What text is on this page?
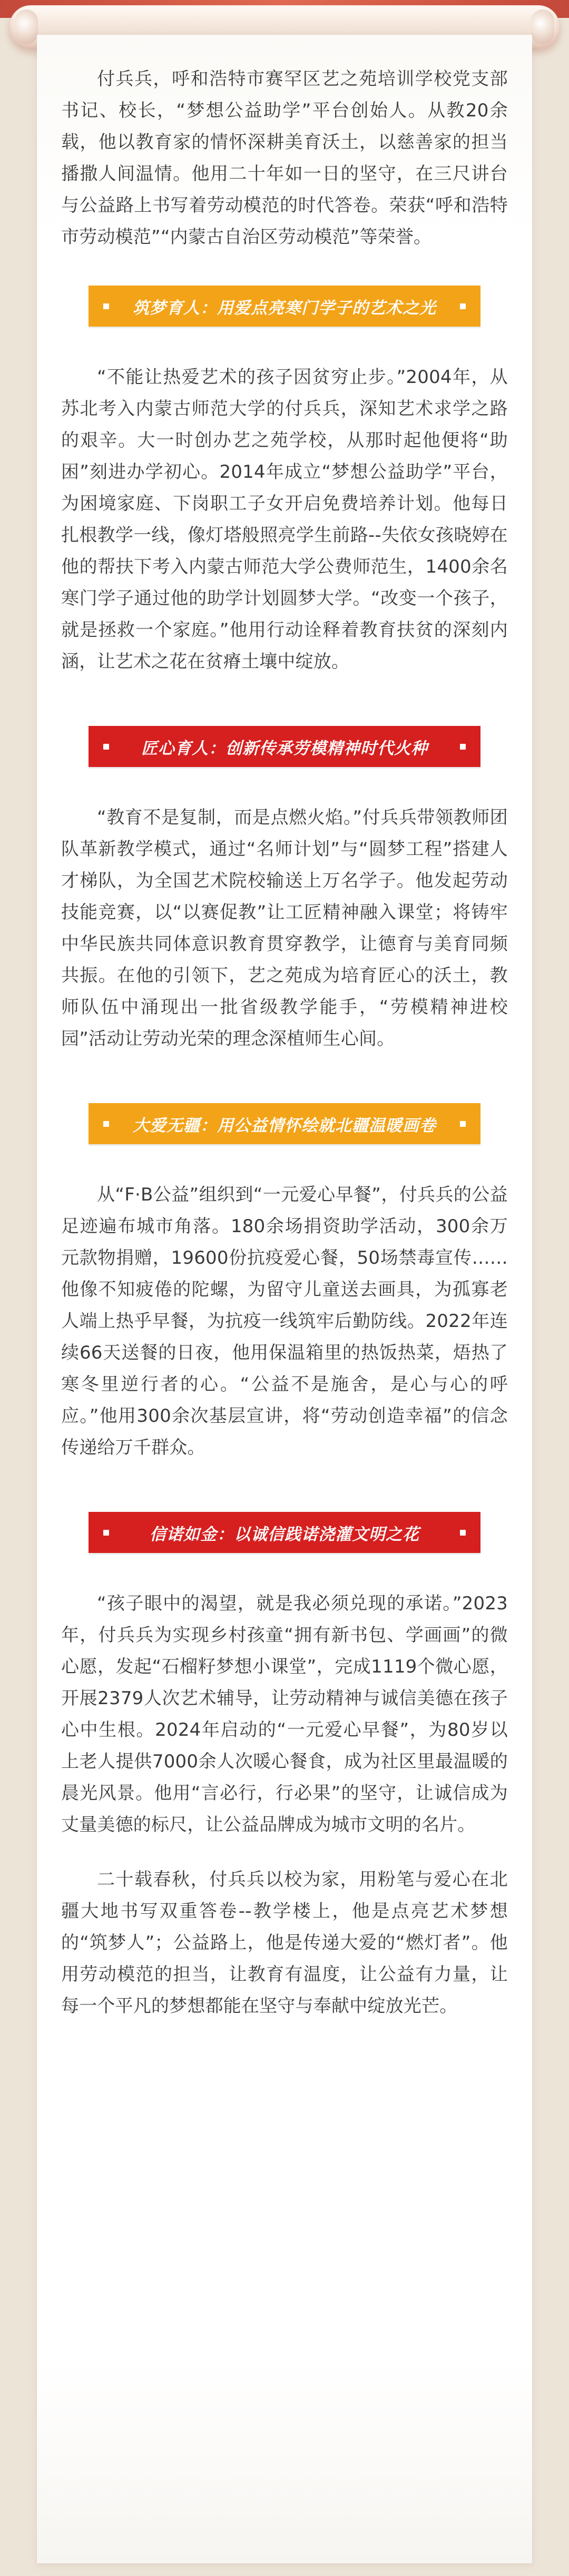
付兵兵，呼和浩特市赛罕区艺之苑培训学校党支部书记、校长，“梦想公益助学”平台创始人。从教20余载，他以教育家的情怀深耕美育沃土，以慈善家的担当播撒人间温情。他用二十年如一日的坚守，在三尺讲台与公益路上书写着劳动模范的时代答卷。荣获“呼和浩特市劳动模范”“内蒙古自治区劳动模范”等荣誉。

筑梦育人：用爱点亮寒门学子的艺术之光

“不能让热爱艺术的孩子因贫穷止步。”2004年，从苏北考入内蒙古师范大学的付兵兵，深知艺术求学之路的艰辛。大一时创办艺之苑学校，从那时起他便将“助困”刻进办学初心。2014年成立“梦想公益助学”平台，为困境家庭、下岗职工子女开启免费培养计划。他每日扎根教学一线，像灯塔般照亮学生前路--失依女孩晓婷在他的帮扶下考入内蒙古师范大学公费师范生，1400余名寒门学子通过他的助学计划圆梦大学。“改变一个孩子，就是拯救一个家庭。”他用行动诠释着教育扶贫的深刻内涵，让艺术之花在贫瘠土壤中绽放。

匠心育人：创新传承劳模精神时代火种

“教育不是复制，而是点燃火焰。”付兵兵带领教师团队革新教学模式，通过“名师计划”与“圆梦工程”搭建人才梯队，为全国艺术院校输送上万名学子。他发起劳动技能竞赛，以“以赛促教”让工匠精神融入课堂；将铸牢中华民族共同体意识教育贯穿教学，让德育与美育同频共振。在他的引领下，艺之苑成为培育匠心的沃土，教师队伍中涌现出一批省级教学能手，“劳模精神进校园”活动让劳动光荣的理念深植师生心间。

大爱无疆：用公益情怀绘就北疆温暖画卷

从“F·B公益”组织到“一元爱心早餐”，付兵兵的公益足迹遍布城市角落。180余场捐资助学活动，300余万元款物捐赠，19600份抗疫爱心餐，50场禁毒宣传……他像不知疲倦的陀螺，为留守儿童送去画具，为孤寡老人端上热乎早餐，为抗疫一线筑牢后勤防线。2022年连续66天送餐的日夜，他用保温箱里的热饭热菜，焐热了寒冬里逆行者的心。“公益不是施舍，是心与心的呼应。”他用300余次基层宣讲，将“劳动创造幸福”的信念传递给万千群众。

信诺如金：以诚信践诺浇灌文明之花

“孩子眼中的渴望，就是我必须兑现的承诺。”2023年，付兵兵为实现乡村孩童“拥有新书包、学画画”的微心愿，发起“石榴籽梦想小课堂”，完成1119个微心愿，开展2379人次艺术辅导，让劳动精神与诚信美德在孩子心中生根。2024年启动的“一元爱心早餐”，为80岁以上老人提供7000余人次暖心餐食，成为社区里最温暖的晨光风景。他用“言必行，行必果”的坚守，让诚信成为丈量美德的标尺，让公益品牌成为城市文明的名片。

二十载春秋，付兵兵以校为家，用粉笔与爱心在北疆大地书写双重答卷--教学楼上，他是点亮艺术梦想的“筑梦人”；公益路上，他是传递大爱的“燃灯者”。他用劳动模范的担当，让教育有温度，让公益有力量，让每一个平凡的梦想都能在坚守与奉献中绽放光芒。
